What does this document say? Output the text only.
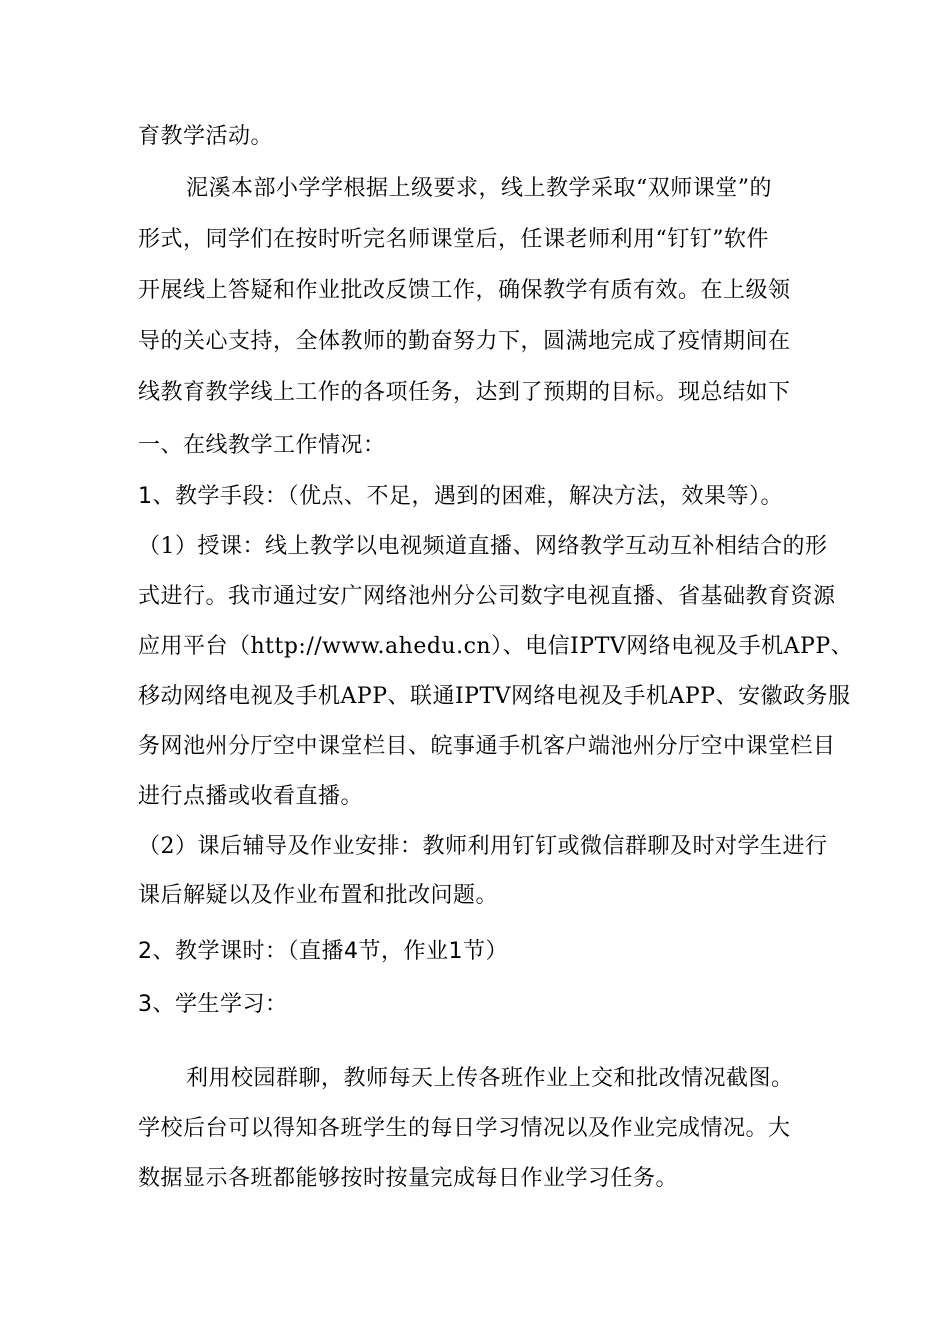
育教学活动。

泥溪本部小学学根据上级要求，线上教学采取“双师课堂”的

形式，同学们在按时听完名师课堂后，任课老师利用“钉钉”软件

开展线上答疑和作业批改反馈工作，确保教学有质有效。在上级领

导的关心支持，全体教师的勤奋努力下，圆满地完成了疫情期间在

线教育教学线上工作的各项任务，达到了预期的目标。现总结如下

一、在线教学工作情况：

1、教学手段：（优点、不足，遇到的困难，解决方法，效果等）。

（1）授课：线上教学以电视频道直播、网络教学互动互补相结合的形

式进行。我市通过安广网络池州分公司数字电视直播、省基础教育资源

应用平台（http://www.ahedu.cn）、电信IPTV网络电视及手机APP、

移动网络电视及手机APP、联通IPTV网络电视及手机APP、安徽政务服

务网池州分厅空中课堂栏目、皖事通手机客户端池州分厅空中课堂栏目

进行点播或收看直播。

（2）课后辅导及作业安排：教师利用钉钉或微信群聊及时对学生进行

课后解疑以及作业布置和批改问题。

2、教学课时：（直播4节，作业1节）

3、学生学习：

利用校园群聊，教师每天上传各班作业上交和批改情况截图。

学校后台可以得知各班学生的每日学习情况以及作业完成情况。大

数据显示各班都能够按时按量完成每日作业学习任务。
